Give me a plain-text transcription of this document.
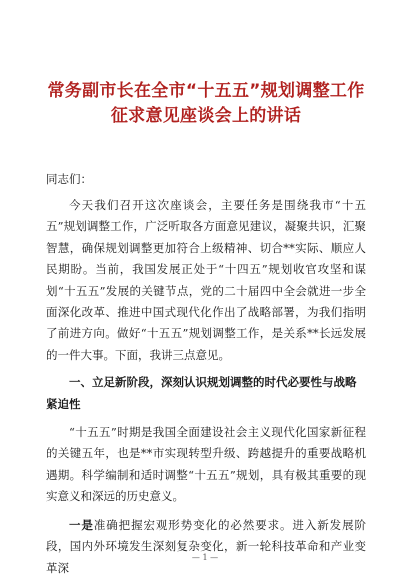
常务副市长在全市“十五五”规划调整工作征求意见座谈会上的讲话

同志们：

今天我们召开这次座谈会，主要任务是围绕我市“十五五”规划调整工作，广泛听取各方面意见建议，凝聚共识，汇聚智慧，确保规划调整更加符合上级精神、切合**实际、顺应人民期盼。当前，我国发展正处于“十四五”规划收官攻坚和谋划“十五五”发展的关键节点，党的二十届四中全会就进一步全面深化改革、推进中国式现代化作出了战略部署，为我们指明了前进方向。做好“十五五”规划调整工作，是关系**长远发展的一件大事。下面，我讲三点意见。

一、立足新阶段，深刻认识规划调整的时代必要性与战略紧迫性

“十五五”时期是我国全面建设社会主义现代化国家新征程的关键五年，也是**市实现转型升级、跨越提升的重要战略机遇期。科学编制和适时调整“十五五”规划，具有极其重要的现实意义和深远的历史意义。

一是准确把握宏观形势变化的必然要求。进入新发展阶段，国内外环境发生深刻复杂变化，新一轮科技革命和产业变革深

— 1 —
